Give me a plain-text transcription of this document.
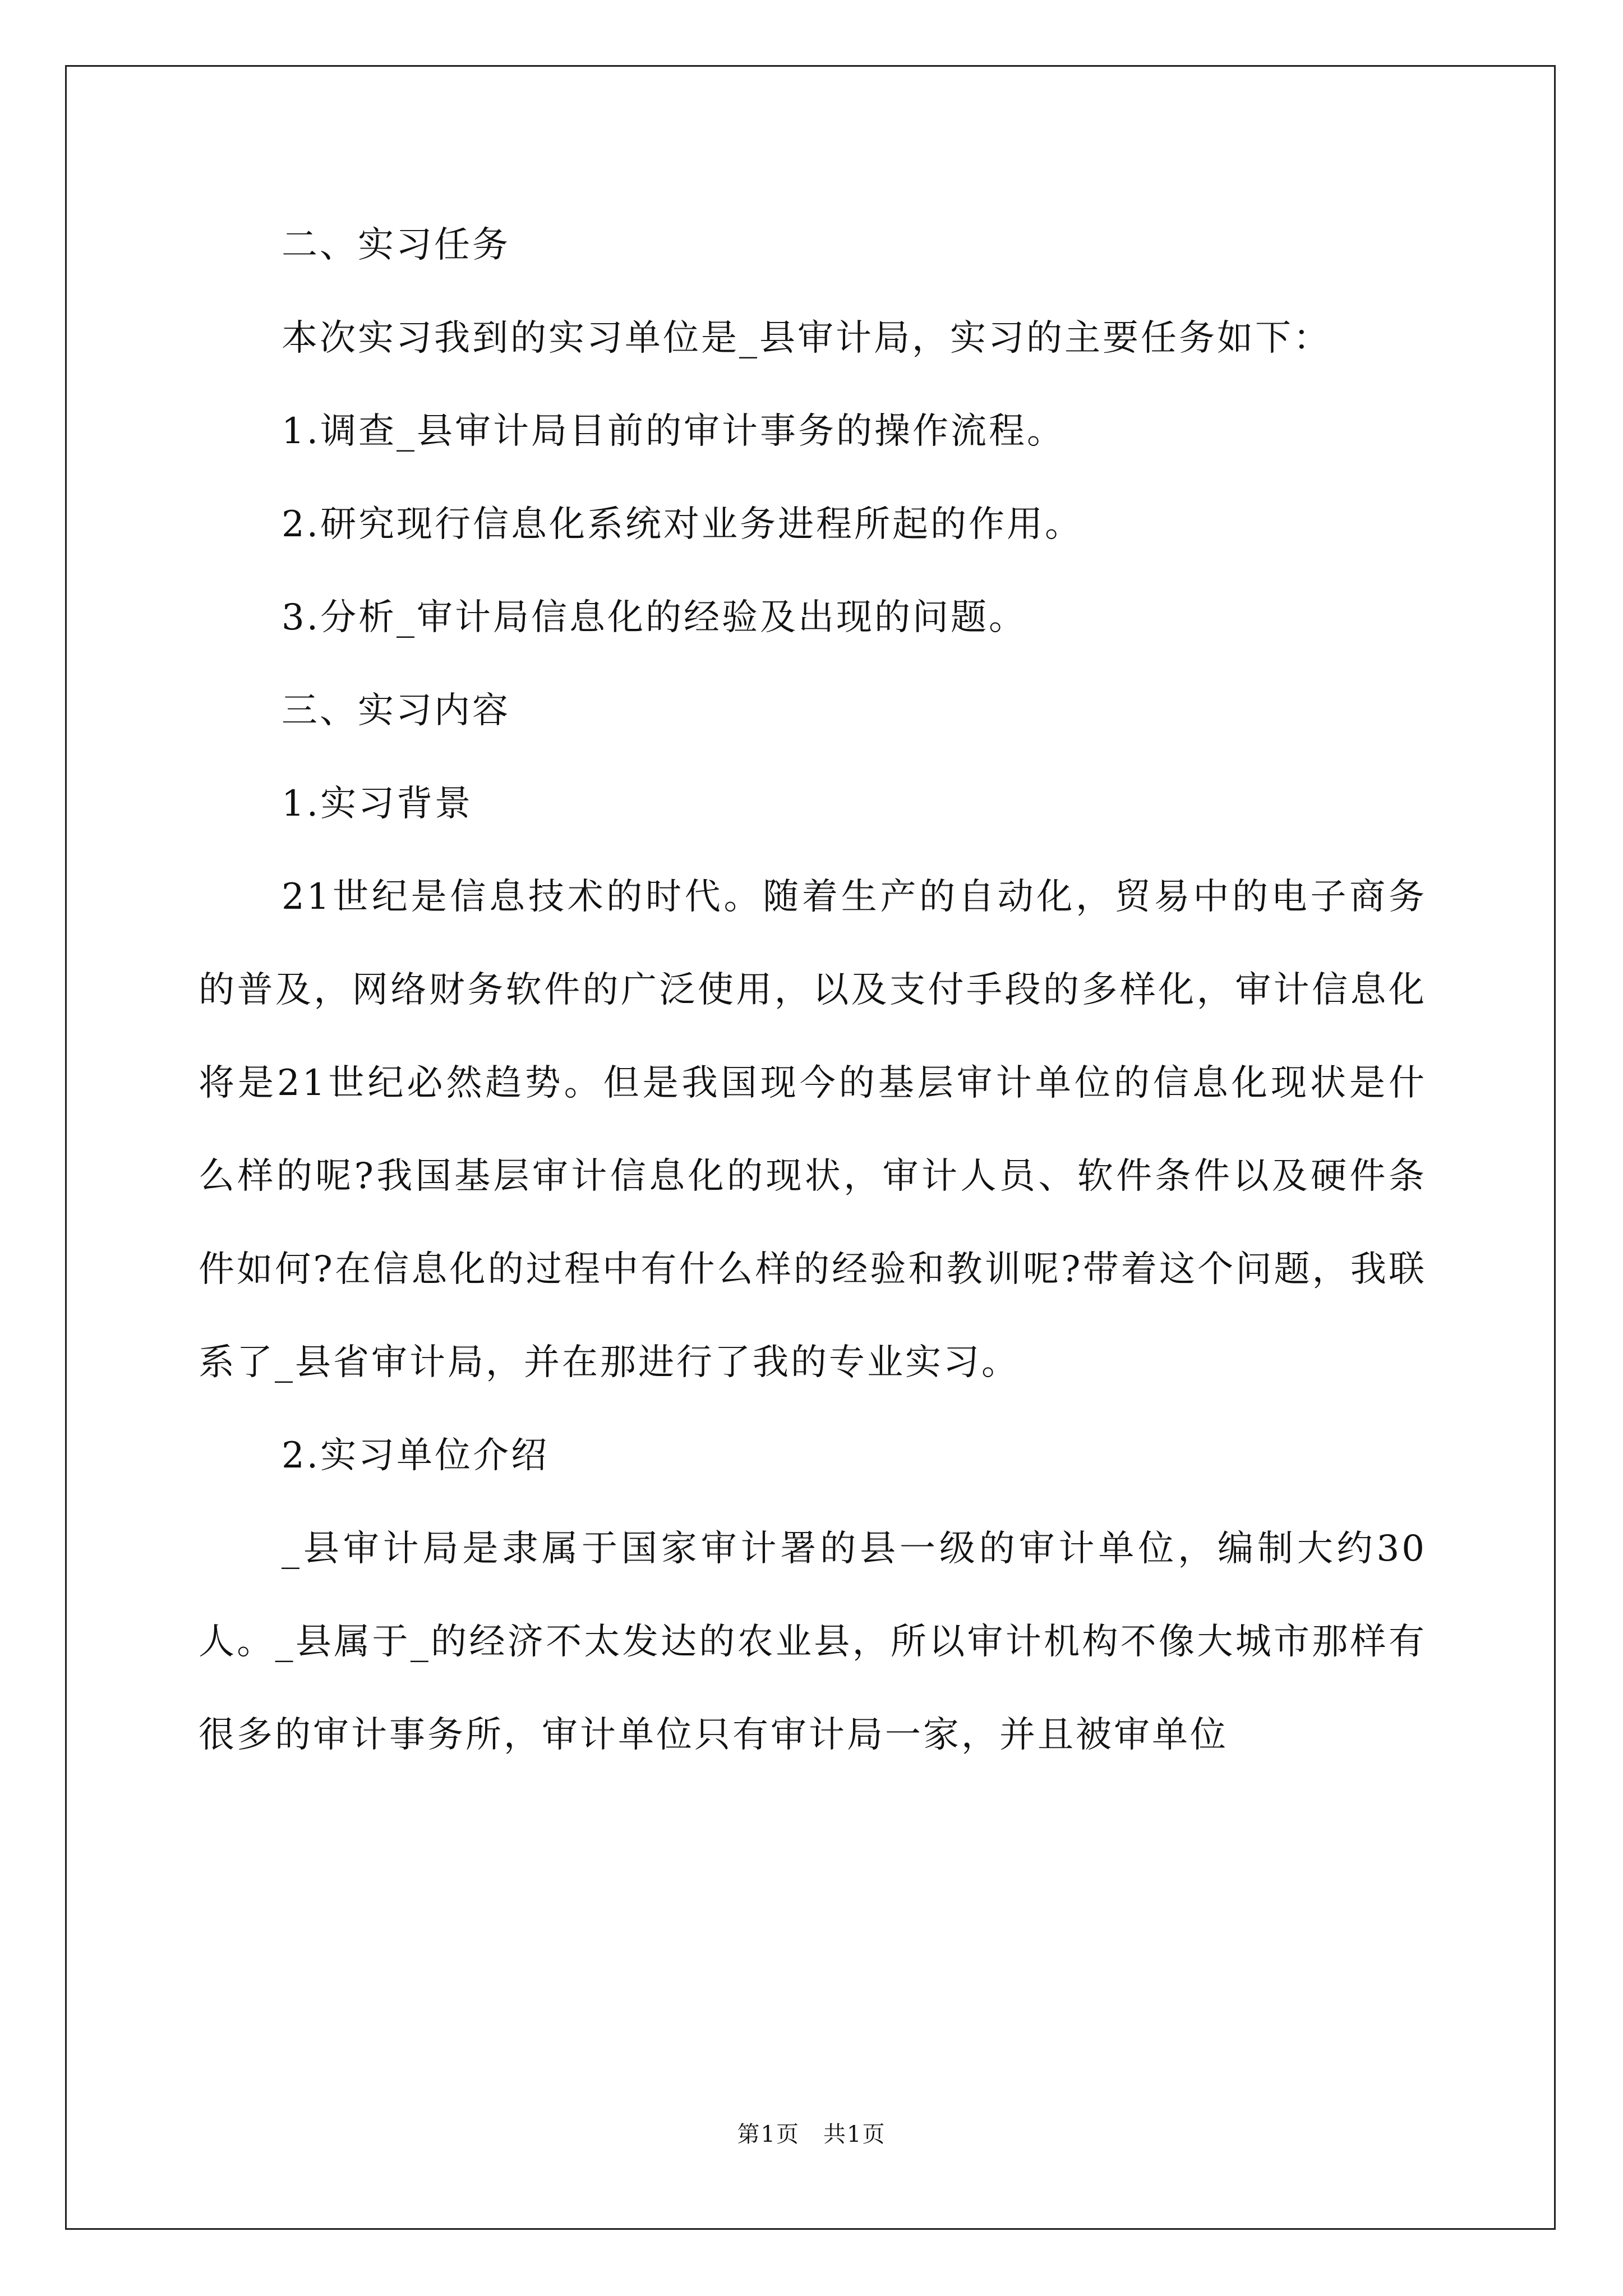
二、实习任务

本次实习我到的实习单位是_县审计局，实习的主要任务如下：

1.调查_县审计局目前的审计事务的操作流程。

2.研究现行信息化系统对业务进程所起的作用。

3.分析_审计局信息化的经验及出现的问题。

三、实习内容

1.实习背景

21世纪是信息技术的时代。随着生产的自动化，贸易中的电子商务的普及，网络财务软件的广泛使用，以及支付手段的多样化，审计信息化将是21世纪必然趋势。但是我国现今的基层审计单位的信息化现状是什么样的呢?我国基层审计信息化的现状，审计人员、软件条件以及硬件条件如何?在信息化的过程中有什么样的经验和教训呢?带着这个问题，我联系了_县省审计局，并在那进行了我的专业实习。

2.实习单位介绍

_县审计局是隶属于国家审计署的县一级的审计单位，编制大约30人。_县属于_的经济不太发达的农业县，所以审计机构不像大城市那样有很多的审计事务所，审计单位只有审计局一家，并且被审单位

第1页　共1页
